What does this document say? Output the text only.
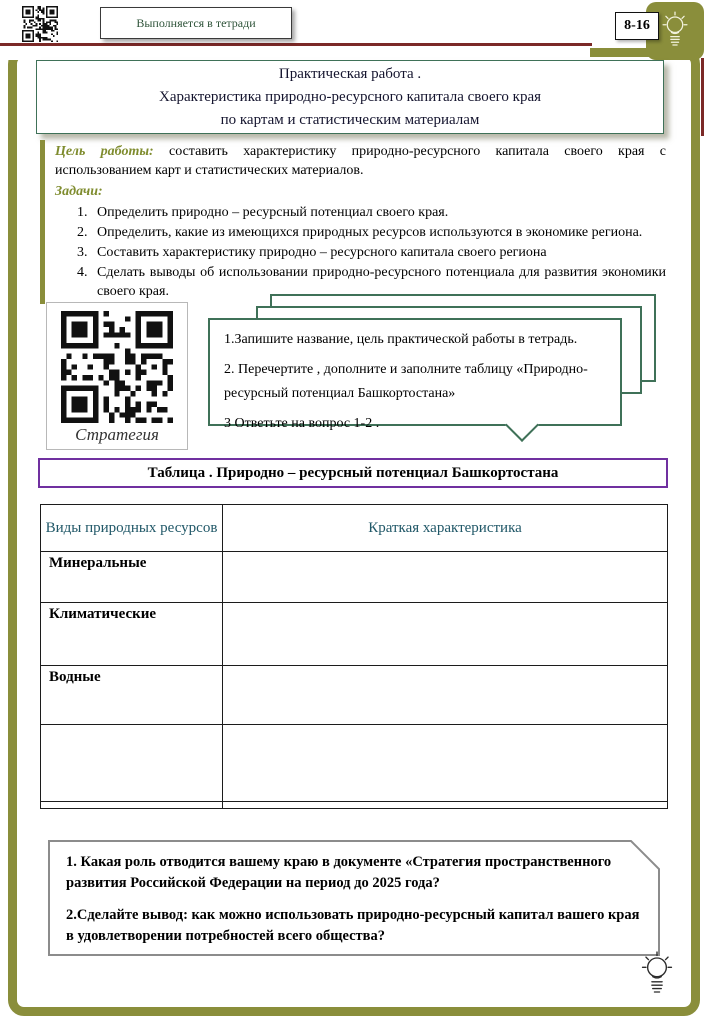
Выполняется в тетради	8-16
Практическая работа .
Характеристика природно-ресурсного капитала своего края
по картам и статистическим материалам

Цель работы: составить характеристику природно-ресурсного капитала своего края с использованием карт и статистических материалов.

Задачи:

1. Определить природно – ресурсный потенциал своего края.
2. Определить, какие из имеющихся природных ресурсов используются в экономике региона.
3. Составить характеристику природно – ресурсного капитала своего региона
4. Сделать выводы об использовании природно-ресурсного потенциала для развития экономики своего края.
Стратегия

1.Запишите название, цель практической работы в тетрадь.

2. Перечертите , дополните и заполните таблицу «Природно-ресурсный потенциал Башкортостана»

3 Ответьте на вопрос 1-2 .

Таблица . Природно – ресурсный потенциал Башкортостана
Виды природных ресурсов	Краткая характеристика
Минеральные	
Климатические	
Водные	

1. Какая роль отводится вашему краю в документе «Стратегия пространственного развития Российской Федерации на период до 2025 года?

2.Сделайте вывод: как можно использовать природно-ресурсный капитал вашего края в удовлетворении потребностей всего общества?
